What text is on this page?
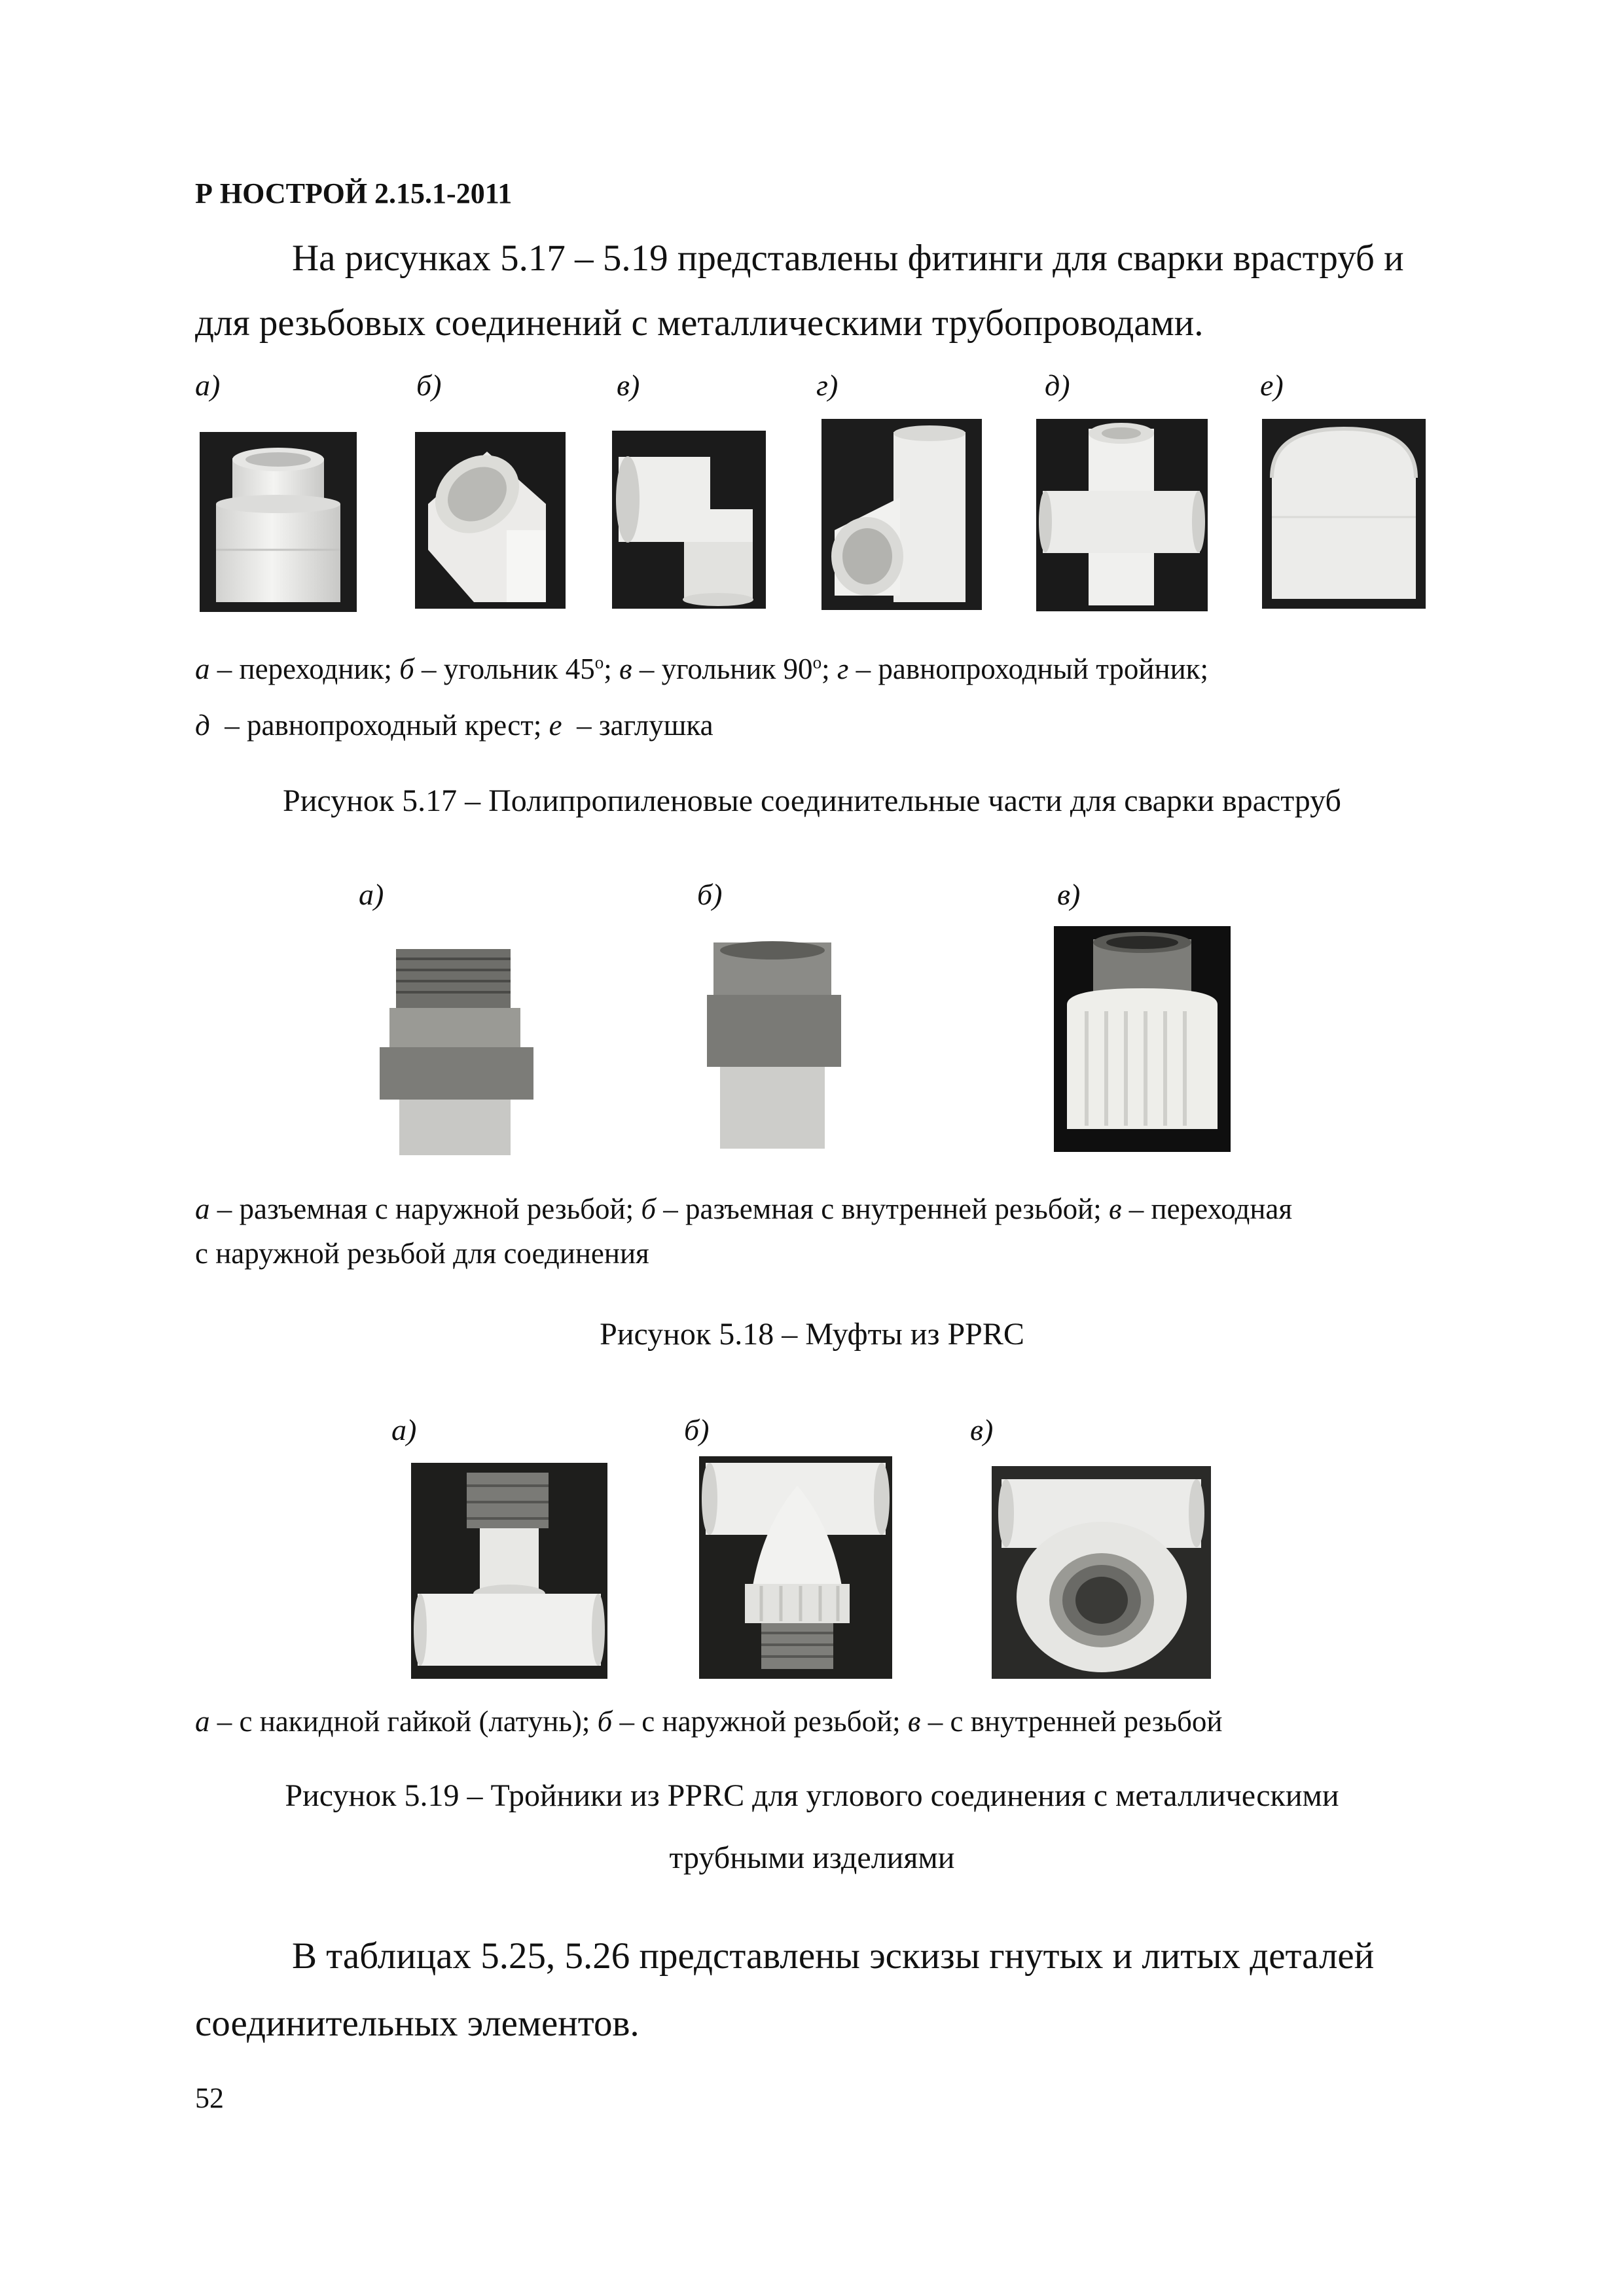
Р НОСТРОЙ 2.15.1-2011
На рисунках 5.17 – 5.19 представлены фитинги для сварки враструб и
для резьбовых соединений с металлическими трубопроводами.
а)	б)	в)	г)	д)	е)
а – переходник; б – угольник $45^о$; в – угольник $90^о$; г – равнопроходный тройник;
д  – равнопроходный крест; е  – заглушка
Рисунок 5.17 – Полипропиленовые соединительные части для сварки враструб
а)	б)	в)
а – разъемная с наружной резьбой; б – разъемная с внутренней резьбой; в – переходная
с наружной резьбой для соединения
Рисунок 5.18 – Муфты из PPRC
а)	б)	в)
а – с накидной гайкой (латунь); б – с наружной резьбой; в – с внутренней резьбой
Рисунок 5.19 – Тройники из PPRC для углового соединения с металлическими
трубными изделиями
В таблицах 5.25, 5.26 представлены эскизы гнутых и литых деталей
соединительных элементов.
52
